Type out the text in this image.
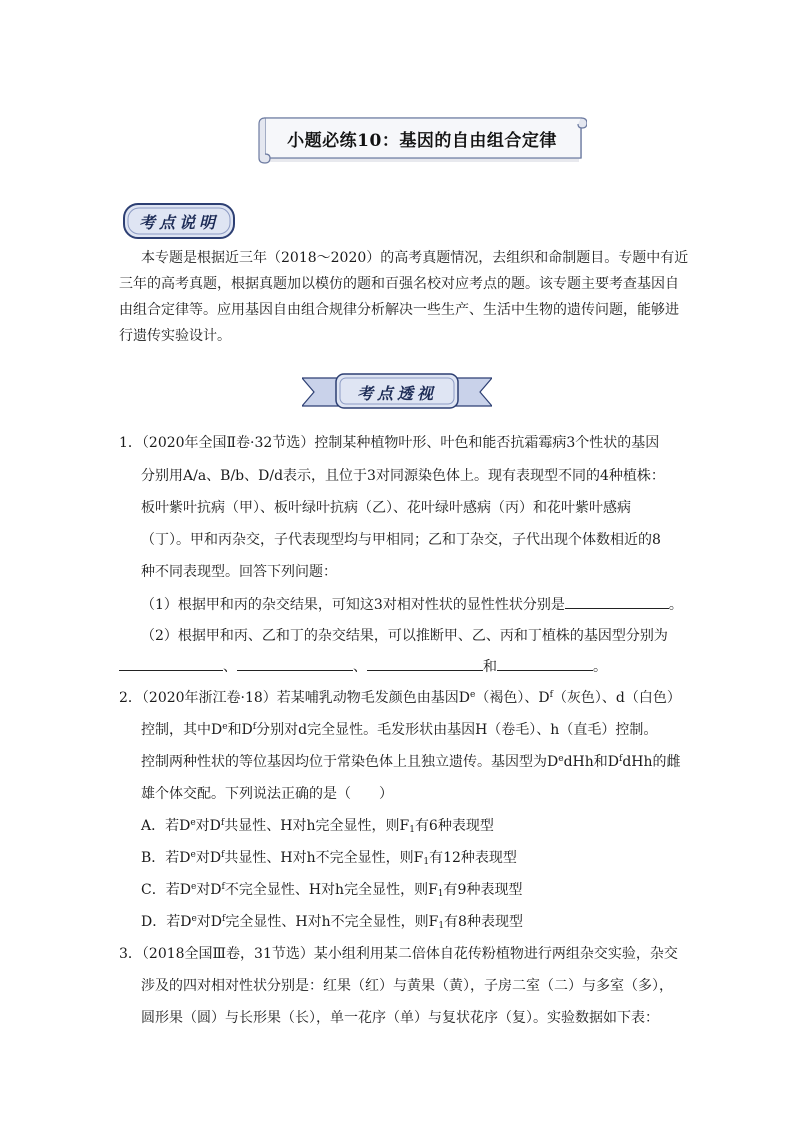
小题必练10：基因的自由组合定律
考点说明
本专题是根据近三年（2018～2020）的高考真题情况，去组织和命制题目。专题中有近
三年的高考真题，根据真题加以模仿的题和百强名校对应考点的题。该专题主要考查基因自
由组合定律等。应用基因自由组合规律分析解决一些生产、生活中生物的遗传问题，能够进
行遗传实验设计。
考点透视
1．（2020年全国Ⅱ卷·32节选）控制某种植物叶形、叶色和能否抗霜霉病3个性状的基因
分别用A/a、B/b、D/d表示，且位于3对同源染色体上。现有表现型不同的4种植株：
板叶紫叶抗病（甲）、板叶绿叶抗病（乙）、花叶绿叶感病（丙）和花叶紫叶感病
（丁）。甲和丙杂交，子代表现型均与甲相同；乙和丁杂交，子代出现个体数相近的8
种不同表现型。回答下列问题：
（1）根据甲和丙的杂交结果，可知这3对相对性状的显性性状分别是	。
（2）根据甲和丙、乙和丁的杂交结果，可以推断甲、乙、丙和丁植株的基因型分别为
、	、	和	。
2．（2020年浙江卷·18）若某哺乳动物毛发颜色由基因De（褐色）、$D^f$（灰色）、d（白色）
控制，其中De和$D^f$分别对d完全显性。毛发形状由基因H（卷毛）、h（直毛）控制。
控制两种性状的等位基因均位于常染色体上且独立遗传。基因型为DedHh和$D^fdHh$的雌
雄个体交配。下列说法正确的是（　　）
A．若De对$D^f$共显性、H对h完全显性，则$F_1$有6种表现型
B．若De对$D^f$共显性、H对h不完全显性，则$F_1$有12种表现型
C．若De对$D^f$不完全显性、H对h完全显性，则$F_1$有9种表现型
D．若De对$D^f$完全显性、H对h不完全显性，则$F_1$有8种表现型
3．（2018全国Ⅲ卷，31节选）某小组利用某二倍体自花传粉植物进行两组杂交实验，杂交
涉及的四对相对性状分别是：红果（红）与黄果（黄），子房二室（二）与多室（多），
圆形果（圆）与长形果（长），单一花序（单）与复状花序（复）。实验数据如下表：
